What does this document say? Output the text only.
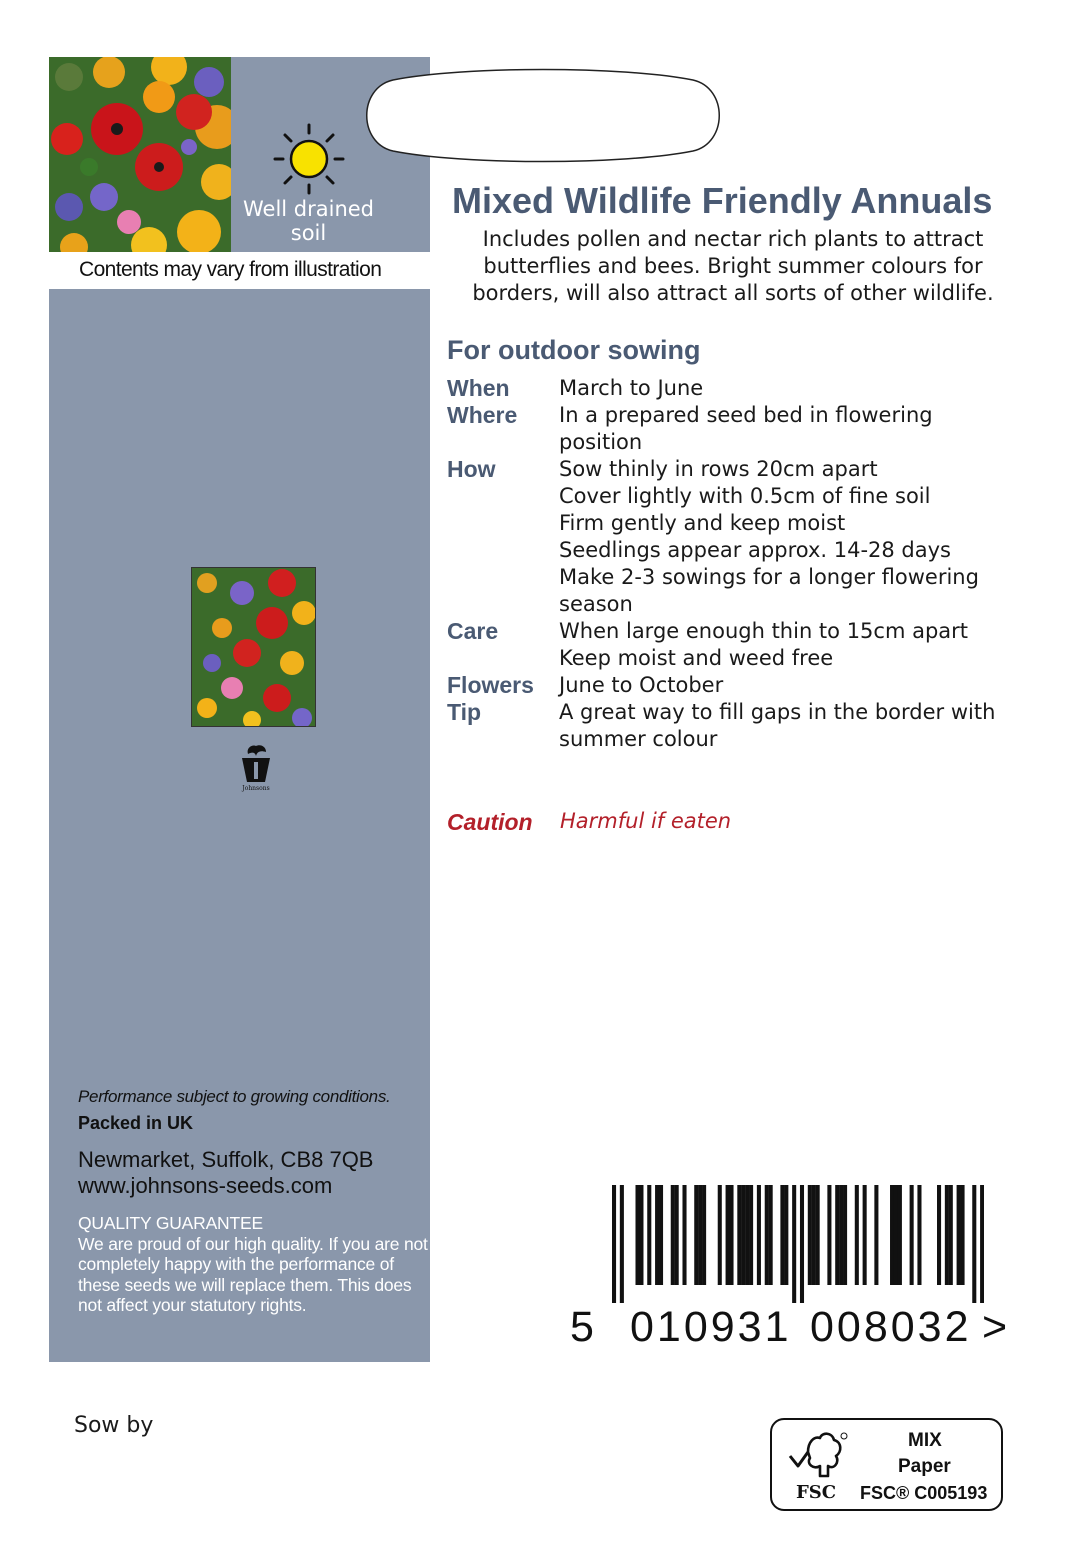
Well drained soil
Contents may vary from illustration
Johnsons
Performance subject to growing conditions.
Packed in UK
Newmarket, Suffolk, CB8 7QB
www.johnsons-seeds.com
QUALITY GUARANTEE
We are proud of our high quality. If you are not completely happy with the performance of these seeds we will replace them. This does not affect your statutory rights.
Mixed Wildlife Friendly Annuals
Includes pollen and nectar rich plants to attract butterflies and bees. Bright summer colours for borders, will also attract all sorts of other wildlife.
For outdoor sowing
When	March to June
Where	In a prepared seed bed in flowering
position
How	Sow thinly in rows 20cm apart
Cover lightly with 0.5cm of fine soil
Firm gently and keep moist
Seedlings appear approx. 14-28 days
Make 2-3 sowings for a longer flowering
season
Care	When large enough thin to 15cm apart
Keep moist and weed free
Flowers	June to October
Tip	A great way to fill gaps in the border with
summer colour
Caution Harmful if eaten
5 010931 008032 >
Sow by
FSC
MIX
Paper
FSC® C005193
